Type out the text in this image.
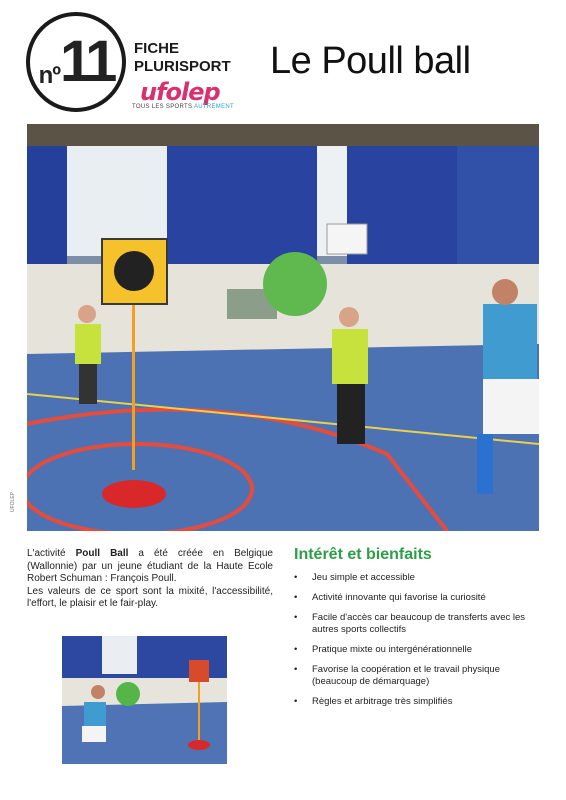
nº 11 FICHE
PLURISPORT
ufolep
TOUS LES SPORTS AUTREMENT
Le Poull ball
UFOLEP

L'activité Poull Ball a été créée en Belgique (Wallonnie) par un jeune étudiant de la Haute Ecole Robert Schuman : François Poull.

Les valeurs de ce sport sont la mixité, l'accessibilité, l'effort, le plaisir et le fair-play.

Intérêt et bienfaits
• Jeu simple et accessible
• Activité innovante qui favorise la curiosité
• Facile d'accès car beaucoup de transferts avec les autres sports collectifs
• Pratique mixte ou intergénérationnelle
• Favorise la coopération et le travail physique (beaucoup de démarquage)
• Règles et arbitrage très simplifiés
